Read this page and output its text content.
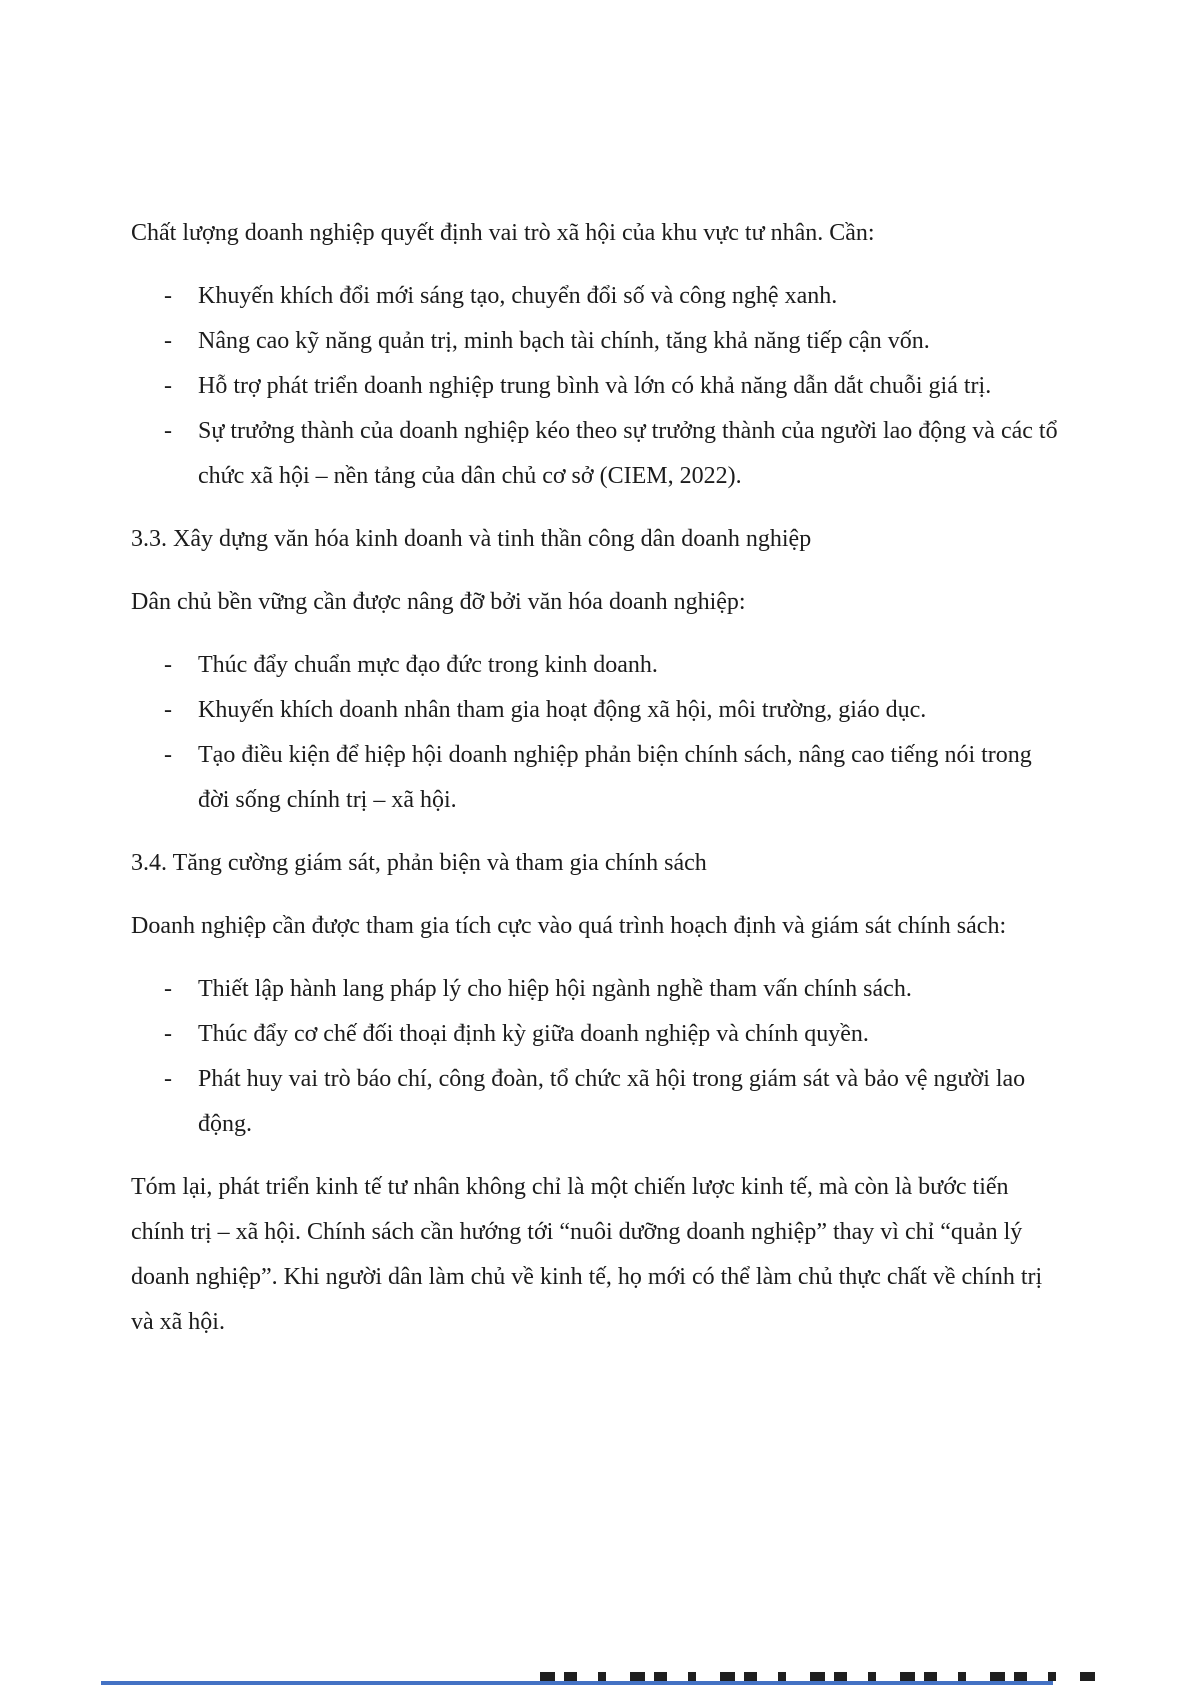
Chất lượng doanh nghiệp quyết định vai trò xã hội của khu vực tư nhân. Cần:

-	Khuyến khích đổi mới sáng tạo, chuyển đổi số và công nghệ xanh.
-	Nâng cao kỹ năng quản trị, minh bạch tài chính, tăng khả năng tiếp cận vốn.
-	Hỗ trợ phát triển doanh nghiệp trung bình và lớn có khả năng dẫn dắt chuỗi giá trị.
-	Sự trưởng thành của doanh nghiệp kéo theo sự trưởng thành của người lao động và các tổ chức xã hội – nền tảng của dân chủ cơ sở (CIEM, 2022).

3.3. Xây dựng văn hóa kinh doanh và tinh thần công dân doanh nghiệp

Dân chủ bền vững cần được nâng đỡ bởi văn hóa doanh nghiệp:

-	Thúc đẩy chuẩn mực đạo đức trong kinh doanh.
-	Khuyến khích doanh nhân tham gia hoạt động xã hội, môi trường, giáo dục.
-	Tạo điều kiện để hiệp hội doanh nghiệp phản biện chính sách, nâng cao tiếng nói trong đời sống chính trị – xã hội.

3.4. Tăng cường giám sát, phản biện và tham gia chính sách

Doanh nghiệp cần được tham gia tích cực vào quá trình hoạch định và giám sát chính sách:

-	Thiết lập hành lang pháp lý cho hiệp hội ngành nghề tham vấn chính sách.
-	Thúc đẩy cơ chế đối thoại định kỳ giữa doanh nghiệp và chính quyền.
-	Phát huy vai trò báo chí, công đoàn, tổ chức xã hội trong giám sát và bảo vệ người lao động.

Tóm lại, phát triển kinh tế tư nhân không chỉ là một chiến lược kinh tế, mà còn là bước tiến chính trị – xã hội. Chính sách cần hướng tới “nuôi dưỡng doanh nghiệp” thay vì chỉ “quản lý doanh nghiệp”. Khi người dân làm chủ về kinh tế, họ mới có thể làm chủ thực chất về chính trị và xã hội.
